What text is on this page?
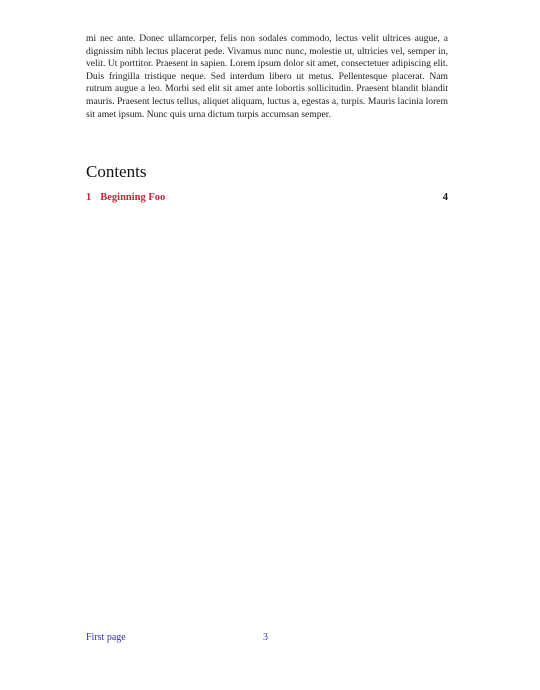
mi nec ante. Donec ullamcorper, felis non sodales commodo, lectus velit ultrices augue, a dignissim nibh lectus placerat pede. Vivamus nunc nunc, molestie ut, ultricies vel, semper in, velit. Ut porttitor. Praesent in sapien. Lorem ipsum dolor sit amet, consectetuer adipiscing elit. Duis fringilla tristique neque. Sed interdum libero ut metus. Pellentesque placerat. Nam rutrum augue a leo. Morbi sed elit sit amet ante lobortis sollicitudin. Praesent blandit blandit mauris. Praesent lectus tellus, aliquet aliquam, luctus a, egestas a, turpis. Mauris lacinia lorem sit amet ipsum. Nunc quis urna dictum turpis accumsan semper.
Contents
1 Beginning Foo	4
First page	3
